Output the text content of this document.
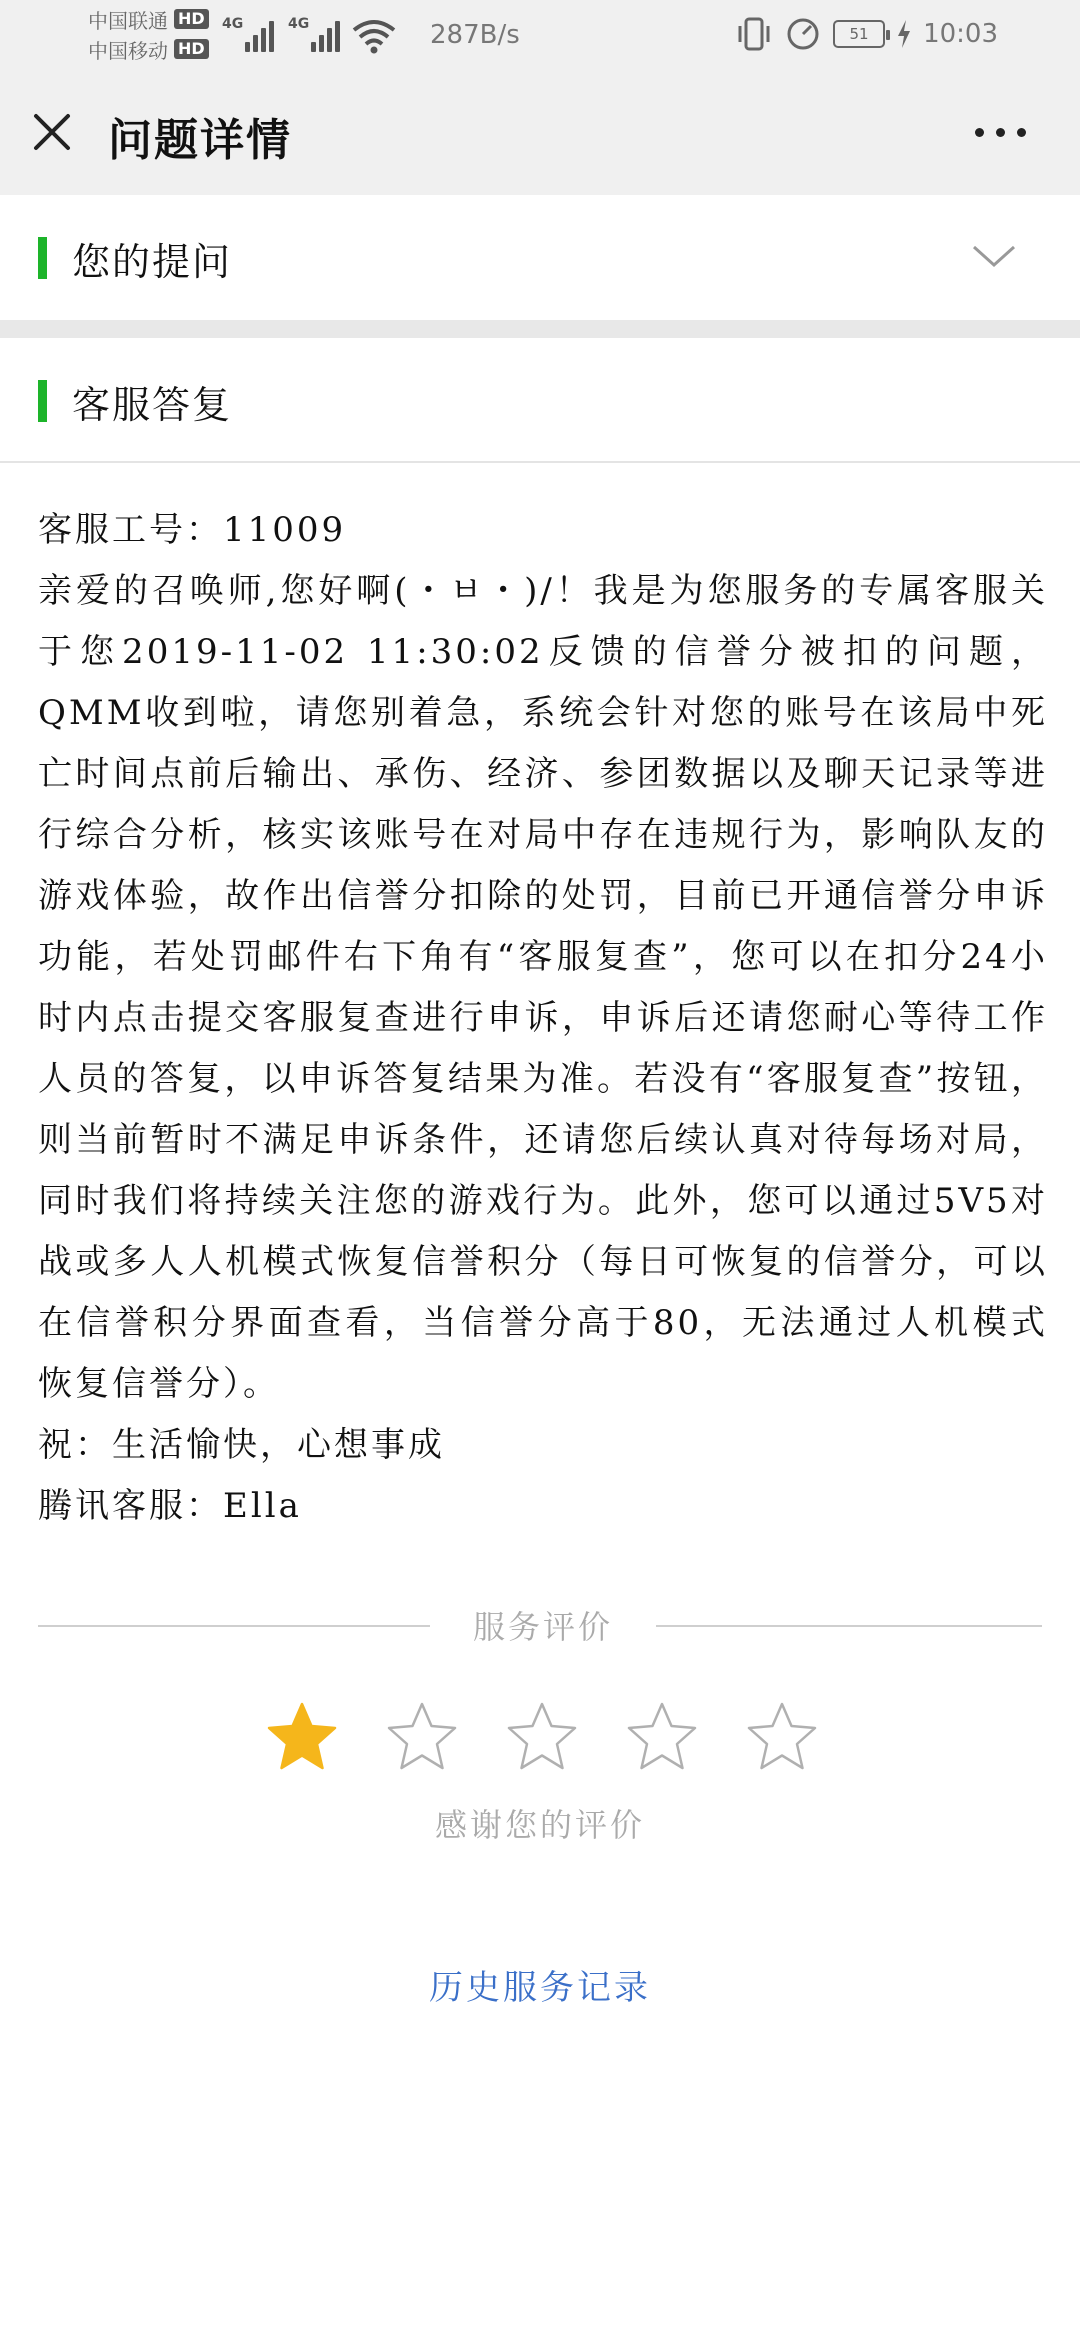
中国联通 HD
中国移动 HD
4G	4G	287B/s	51 10:03
问题详情
您的提问
客服答复

客服工号：11009

亲爱的召唤师,您好啊(・ㅂ・)/！我是为您服务的专属客服关于您2019-11-02 11:30:02反馈的信誉分被扣的问题，QMM收到啦，请您别着急，系统会针对您的账号在该局中死亡时间点前后输出、承伤、经济、参团数据以及聊天记录等进行综合分析，核实该账号在对局中存在违规行为，影响队友的游戏体验，故作出信誉分扣除的处罚，目前已开通信誉分申诉功能，若处罚邮件右下角有“客服复查”，您可以在扣分24小时内点击提交客服复查进行申诉，申诉后还请您耐心等待工作人员的答复，以申诉答复结果为准。若没有“客服复查”按钮，则当前暂时不满足申诉条件，还请您后续认真对待每场对局，同时我们将持续关注您的游戏行为。此外，您可以通过5V5对战或多人人机模式恢复信誉积分（每日可恢复的信誉分，可以在信誉积分界面查看，当信誉分高于80，无法通过人机模式恢复信誉分）。

祝：生活愉快，心想事成

腾讯客服：Ella

服务评价
感谢您的评价
历史服务记录
